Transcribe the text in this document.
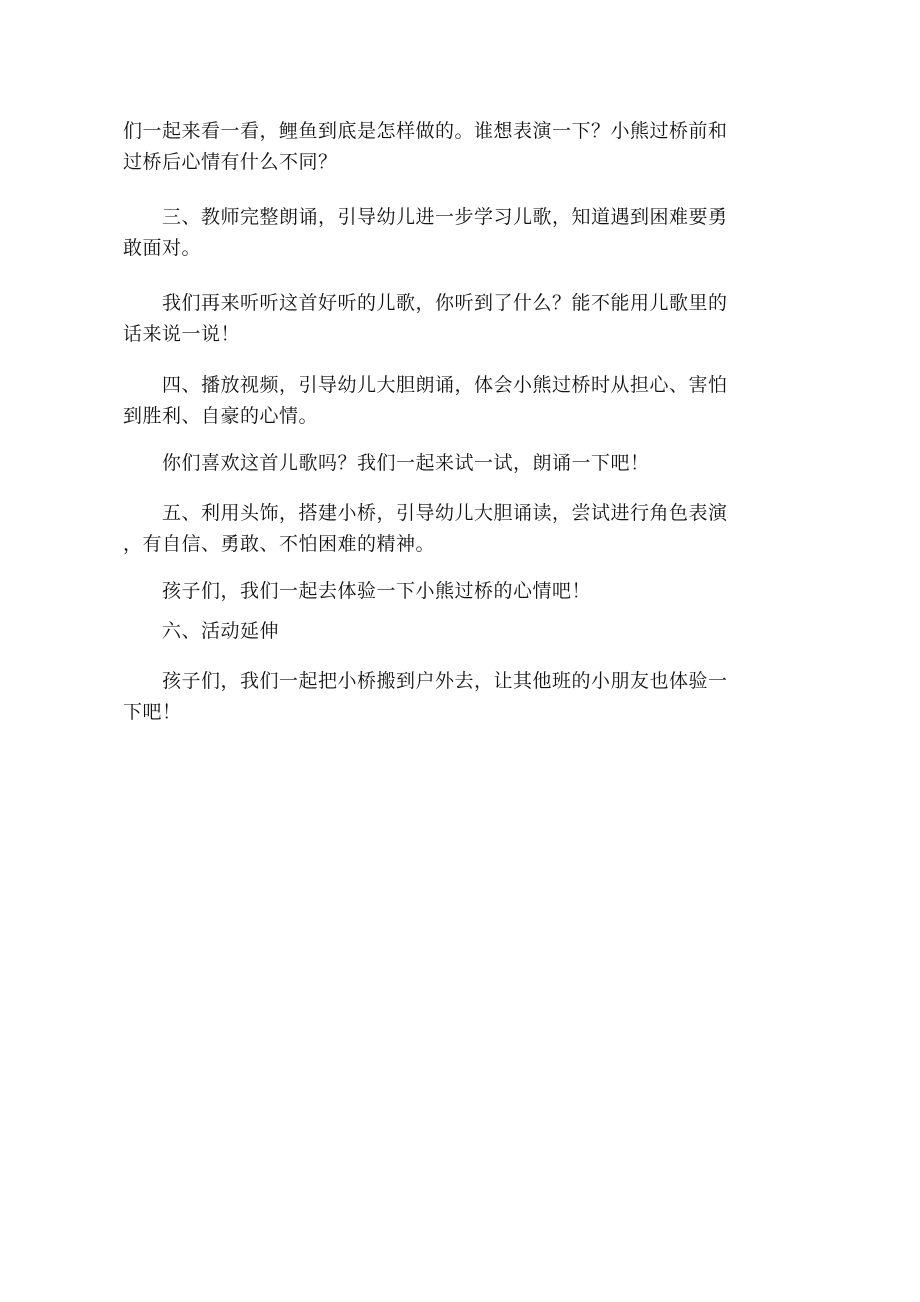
们一起来看一看，鲤鱼到底是怎样做的。谁想表演一下？小熊过桥前和
过桥后心情有什么不同？

　　三、教师完整朗诵，引导幼儿进一步学习儿歌，知道遇到困难要勇
敢面对。

　　我们再来听听这首好听的儿歌，你听到了什么？能不能用儿歌里的
话来说一说！

　　四、播放视频，引导幼儿大胆朗诵，体会小熊过桥时从担心、害怕
到胜利、自豪的心情。

　　你们喜欢这首儿歌吗？我们一起来试一试，朗诵一下吧！

　　五、利用头饰，搭建小桥，引导幼儿大胆诵读，尝试进行角色表演
，有自信、勇敢、不怕困难的精神。

　　孩子们，我们一起去体验一下小熊过桥的心情吧！

　　六、活动延伸

　　孩子们，我们一起把小桥搬到户外去，让其他班的小朋友也体验一
下吧！
